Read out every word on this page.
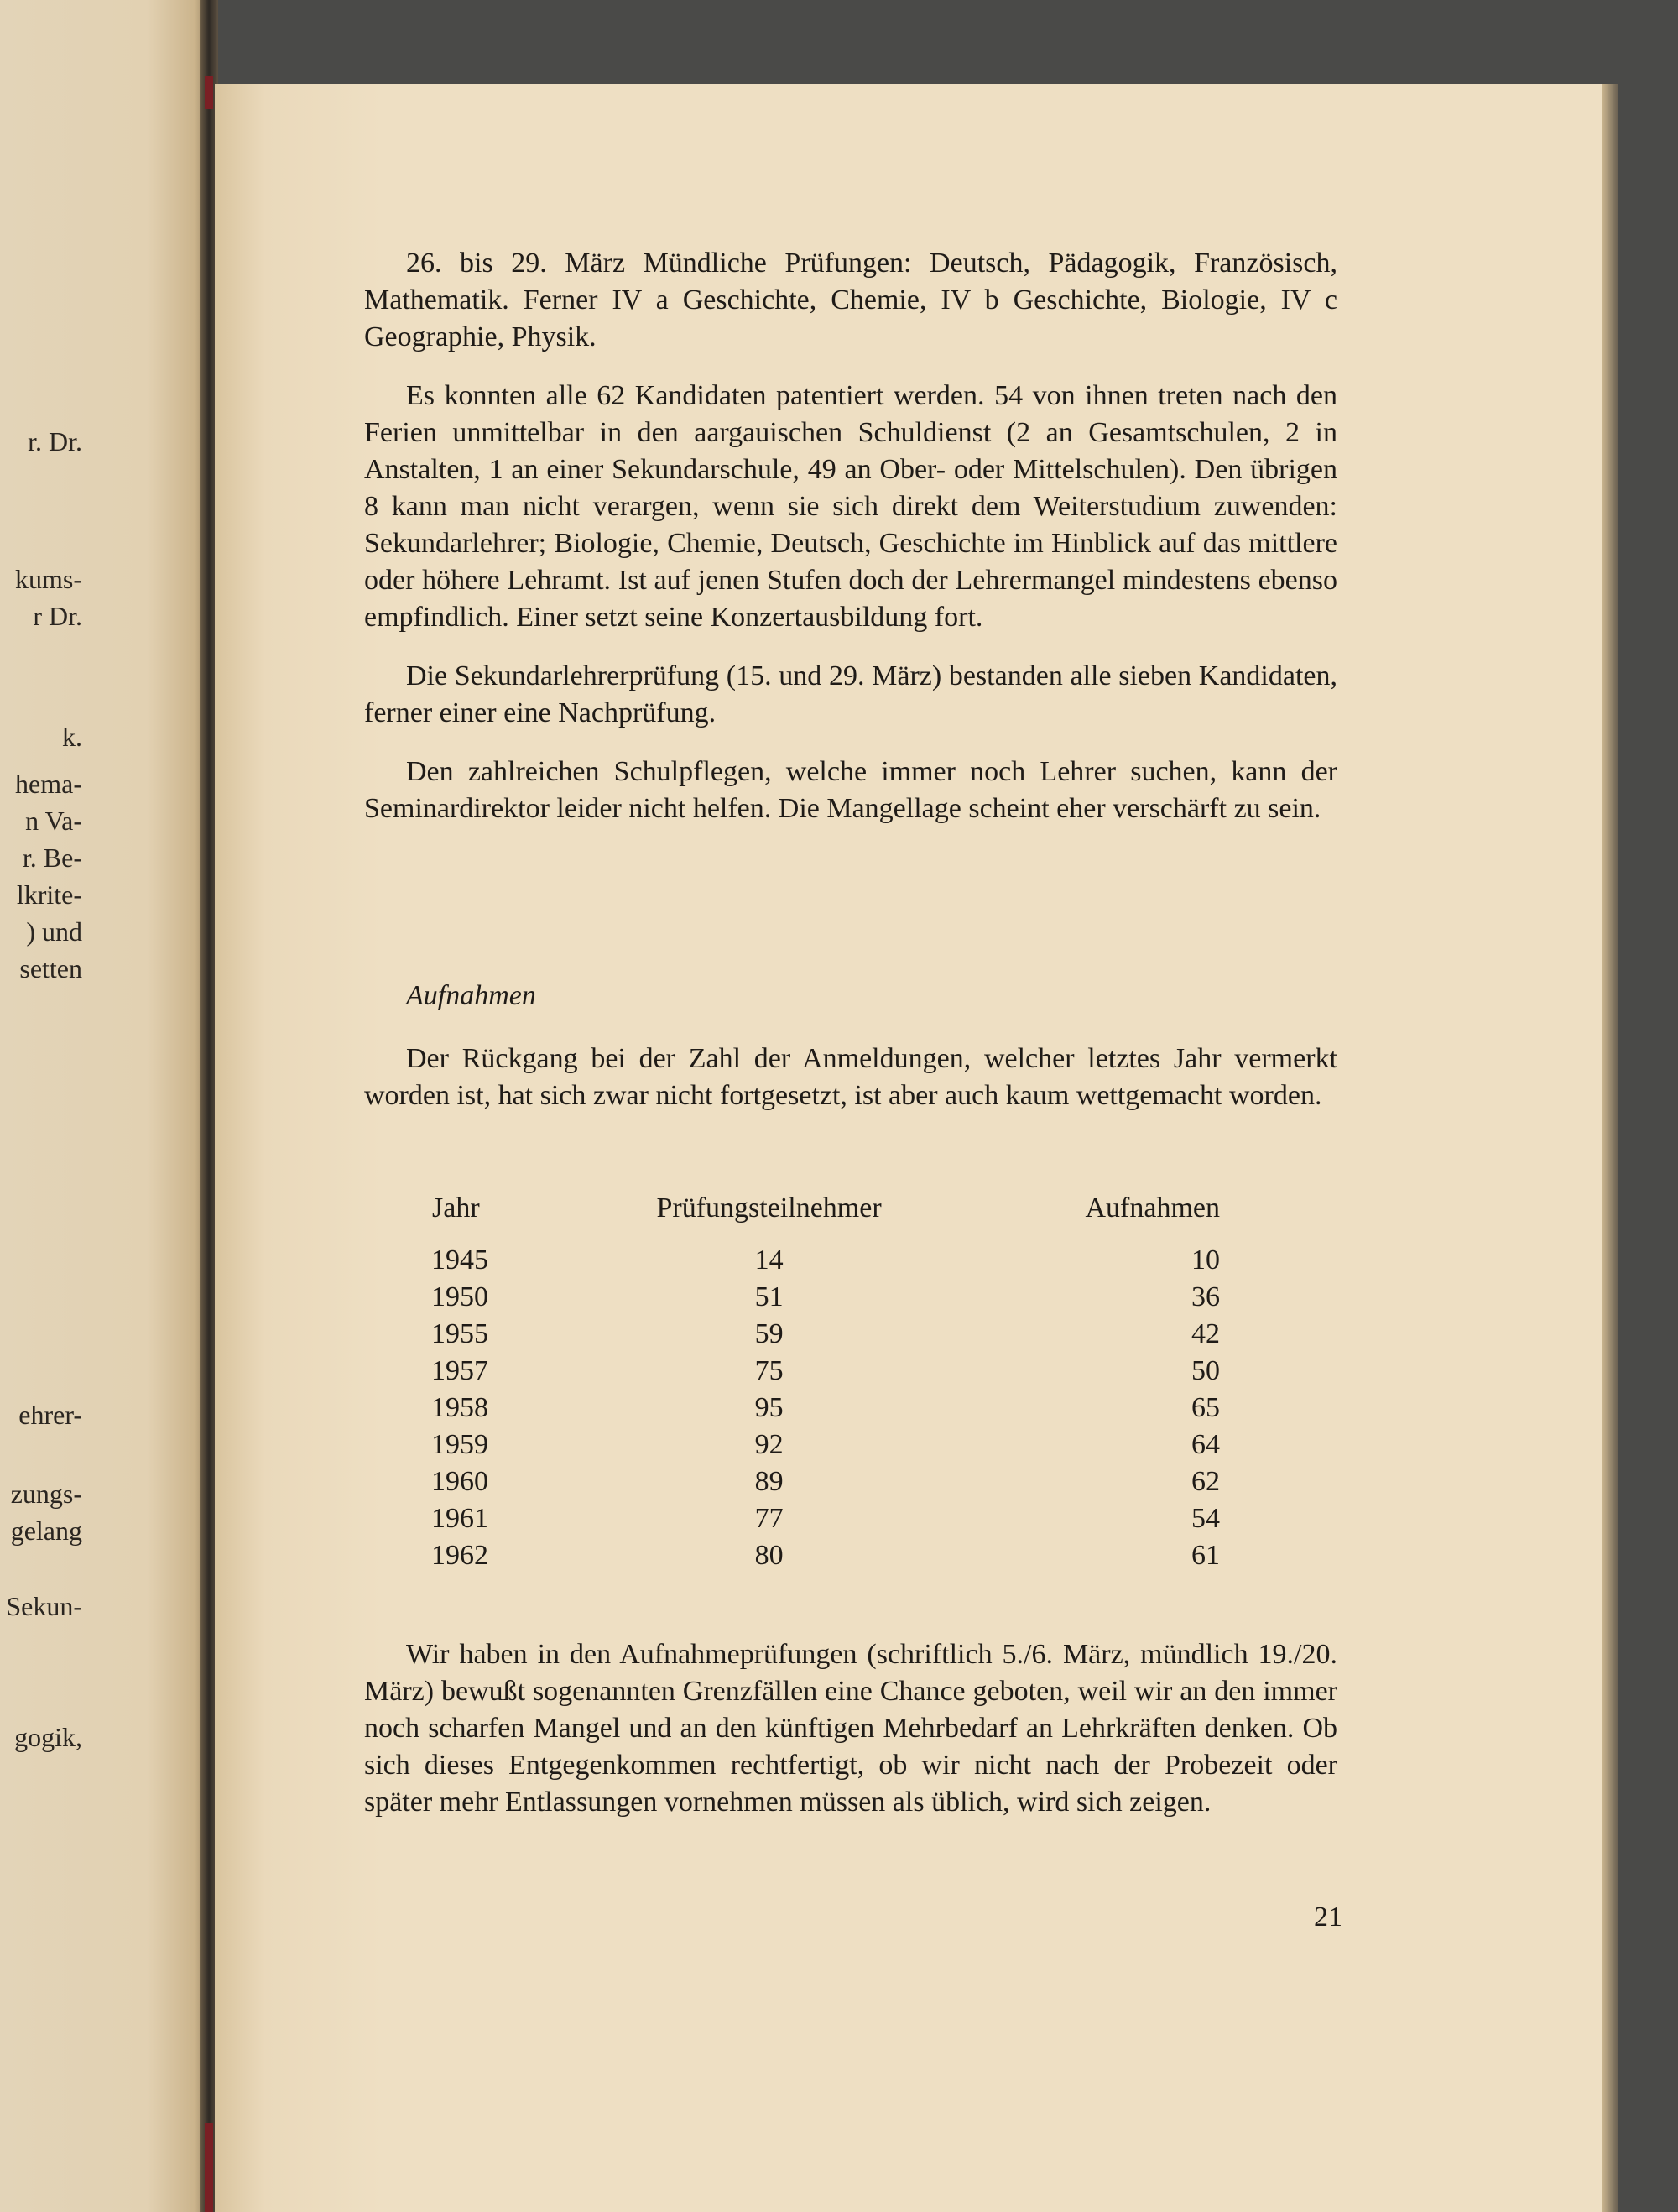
r. Dr.
kums-
r Dr.
k.
hema-
n Va-
r. Be-
lkrite-
) und
setten
ehrer-
zungs-
gelang
Sekun-
gogik,

26. bis 29. März Mündliche Prüfungen: Deutsch, Pädagogik, Französisch, Mathematik. Ferner IV a Geschichte, Chemie, IV b Geschichte, Biologie, IV c Geographie, Physik.

Es konnten alle 62 Kandidaten patentiert werden. 54 von ihnen treten nach den Ferien unmittelbar in den aargauischen Schuldienst (2 an Gesamtschulen, 2 in Anstalten, 1 an einer Sekundarschule, 49 an Ober- oder Mittelschulen). Den übrigen 8 kann man nicht verargen, wenn sie sich direkt dem Weiterstudium zuwenden: Sekundarlehrer; Biologie, Chemie, Deutsch, Geschichte im Hinblick auf das mittlere oder höhere Lehramt. Ist auf jenen Stufen doch der Lehrermangel mindestens ebenso empfindlich. Einer setzt seine Konzertausbildung fort.

Die Sekundarlehrerprüfung (15. und 29. März) bestanden alle sieben Kandidaten, ferner einer eine Nachprüfung.

Den zahlreichen Schulpflegen, welche immer noch Lehrer suchen, kann der Seminardirektor leider nicht helfen. Die Mangellage scheint eher verschärft zu sein.

Aufnahmen

Der Rückgang bei der Zahl der Anmeldungen, welcher letztes Jahr vermerkt worden ist, hat sich zwar nicht fortgesetzt, ist aber auch kaum wettgemacht worden.

Jahr	Prüfungsteilnehmer	Aufnahmen
1945	14	10
1950	51	36
1955	59	42
1957	75	50
1958	95	65
1959	92	64
1960	89	62
1961	77	54
1962	80	61

Wir haben in den Aufnahmeprüfungen (schriftlich 5./6. März, mündlich 19./20. März) bewußt sogenannten Grenzfällen eine Chance geboten, weil wir an den immer noch scharfen Mangel und an den künftigen Mehrbedarf an Lehrkräften denken. Ob sich dieses Entgegenkommen rechtfertigt, ob wir nicht nach der Probezeit oder später mehr Entlassungen vornehmen müssen als üblich, wird sich zeigen.

21
